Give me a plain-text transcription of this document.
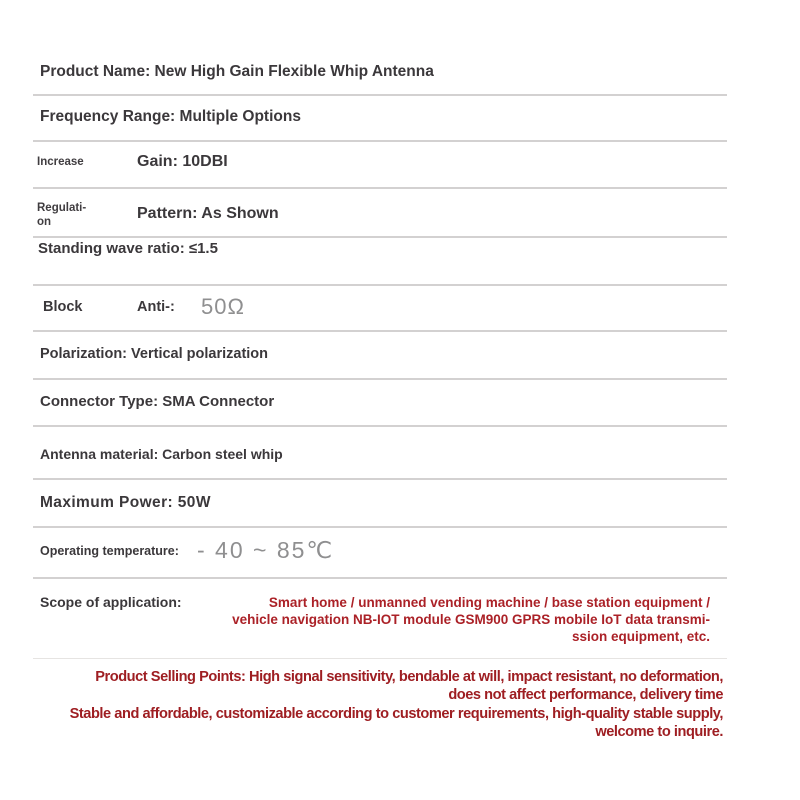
Product Name: New High Gain Flexible Whip Antenna
Frequency Range: Multiple Options
Increase	Gain: 10DBI
Regulati- on	Pattern: As Shown
Standing wave ratio: ≤1.5
Block	Anti-: 50Ω
Polarization: Vertical polarization
Connector Type: SMA Connector
Antenna material: Carbon steel whip
Maximum Power: 50W
Operating temperature: - 40 ~ 85℃
Scope of application:	Smart home / unmanned vending machine / base station equipment /
vehicle navigation NB-IOT module GSM900 GPRS mobile IoT data transmi-
ssion equipment, etc.
Product Selling Points: High signal sensitivity, bendable at will, impact resistant, no deformation,
does not affect performance, delivery time
Stable and affordable, customizable according to customer requirements, high-quality stable supply,
welcome to inquire.
